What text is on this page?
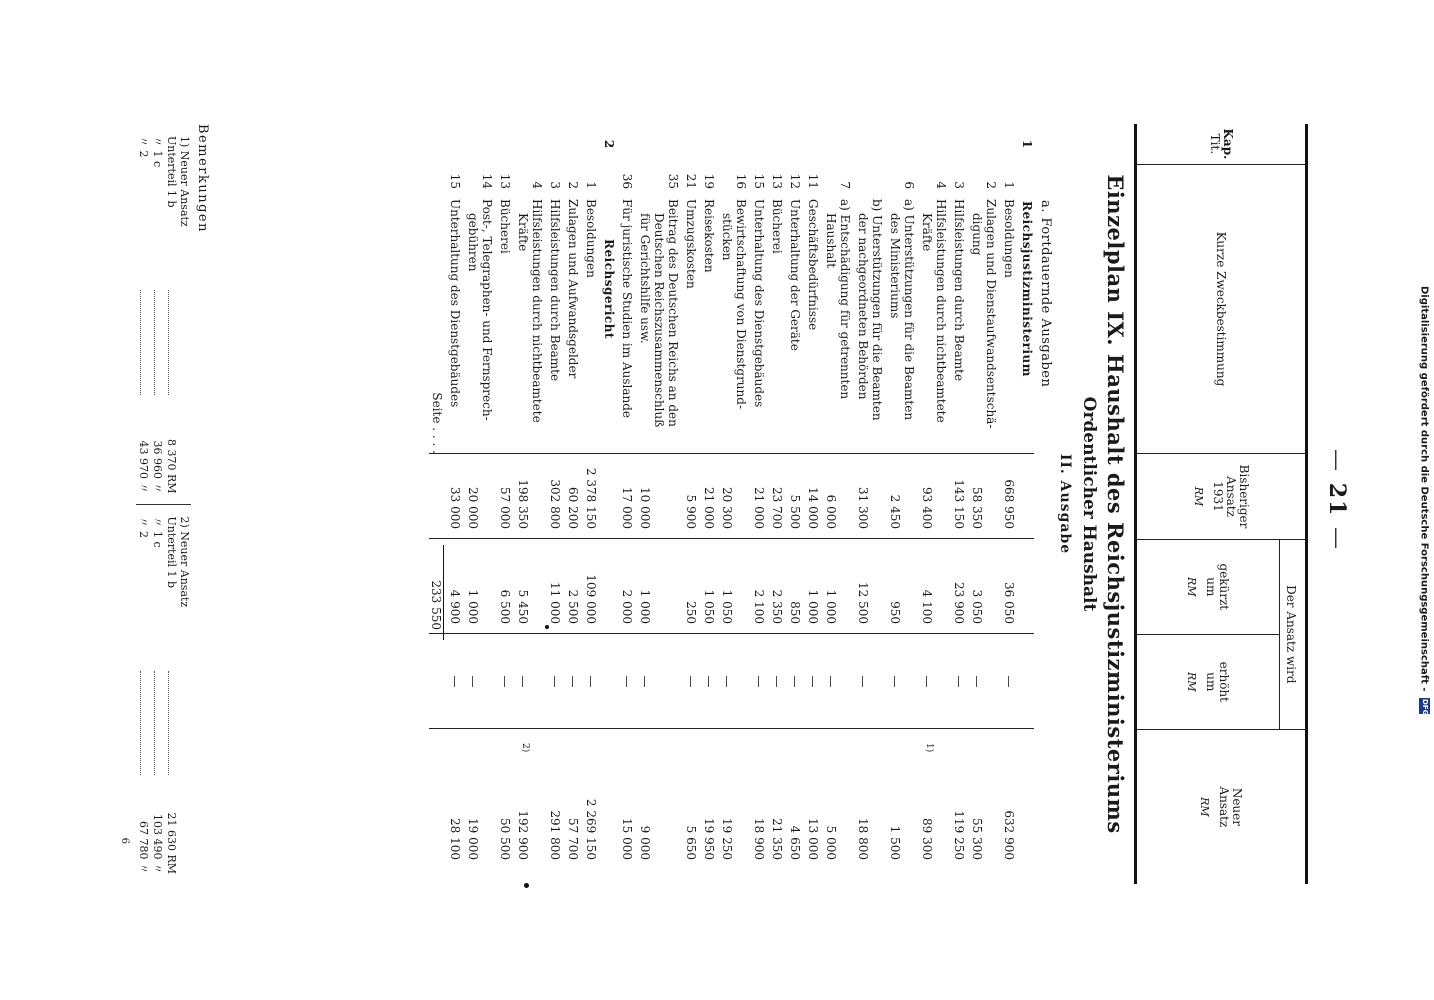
— 21 —
Kap.
Tit.
Kurze Zweckbestimmung
Bisheriger
Ansatz
1931
RM
Der Ansatz wird
gekürzt
um
RM
erhöht
um
RM
Neuer
Ansatz
RM
Einzelplan IX. Haushalt des Reichsjustizministeriums
Ordentlicher Haushalt
II. Ausgabe
a. Fortdauernde Ausgaben
1
Reichsjustizministerium
1
Besoldungen
668 950
36 050
—
632 900
2
Zulagen und Dienstaufwandsentschä-
digung
58 350
3 050
—
55 300
3
Hilfsleistungen durch Beamte
143 150
23 900
—
119 250
4
Hilfsleistungen durch nichtbeamtete
Kräfte
93 400
4 100
—
89 300
1)
6
a) Unterstützungen für die Beamten
des Ministeriums
2 450
950
—
1 500
b) Unterstützungen für die Beamten
der nachgeordneten Behörden
31 300
12 500
—
18 800
7
a) Entschädigung für getrennten
Haushalt
6 000
1 000
—
5 000
11
Geschäftsbedürfnisse
14 000
1 000
—
13 000
12
Unterhaltung der Geräte
5 500
850
—
4 650
13
Bücherei
23 700
2 350
—
21 350
15
Unterhaltung des Dienstgebäudes
21 000
2 100
—
18 900
16
Bewirtschaftung von Dienstgrund-
stücken
20 300
1 050
—
19 250
19
Reisekosten
21 000
1 050
—
19 950
21
Umzugskosten
5 900
250
—
5 650
35
Beitrag des Deutschen Reichs an den
Deutschen Reichszusammenschluß
für Gerichtshilfe usw.
10 000
1 000
—
9 000
36
Für juristische Studien im Auslande
17 000
2 000
—
15 000
2
Reichsgericht
1
Besoldungen
2 378 150
109 000
—
2 269 150
2
Zulagen und Aufwandsgelder
60 200
2 500
—
57 700
3
Hilfsleistungen durch Beamte
302 800
11 000
—
291 800
4
Hilfsleistungen durch nichtbeamtete
Kräfte
198 350
5 450
—
192 900
2)
13
Bücherei
57 000
6 500
—
50 500
14
Post-, Telegraphen- und Fernsprech-
gebühren
20 000
1 000
—
19 000
15
Unterhaltung des Dienstgebäudes
33 000
4 900
—
28 100
Seite . . . .
233 550
Bemerkungen
1) Neuer Ansatz
Unterteil 1 b
8 370 RM
〃 1 c
36 960 〃
〃 2
43 970 〃
2) Neuer Ansatz
Unterteil 1 b
21 630 RM
〃 1 c
103 490 〃
〃 2
67 780 〃
6
Digitalisierung gefördert durch die Deutsche Forschungsgemeinschaft - DFG
